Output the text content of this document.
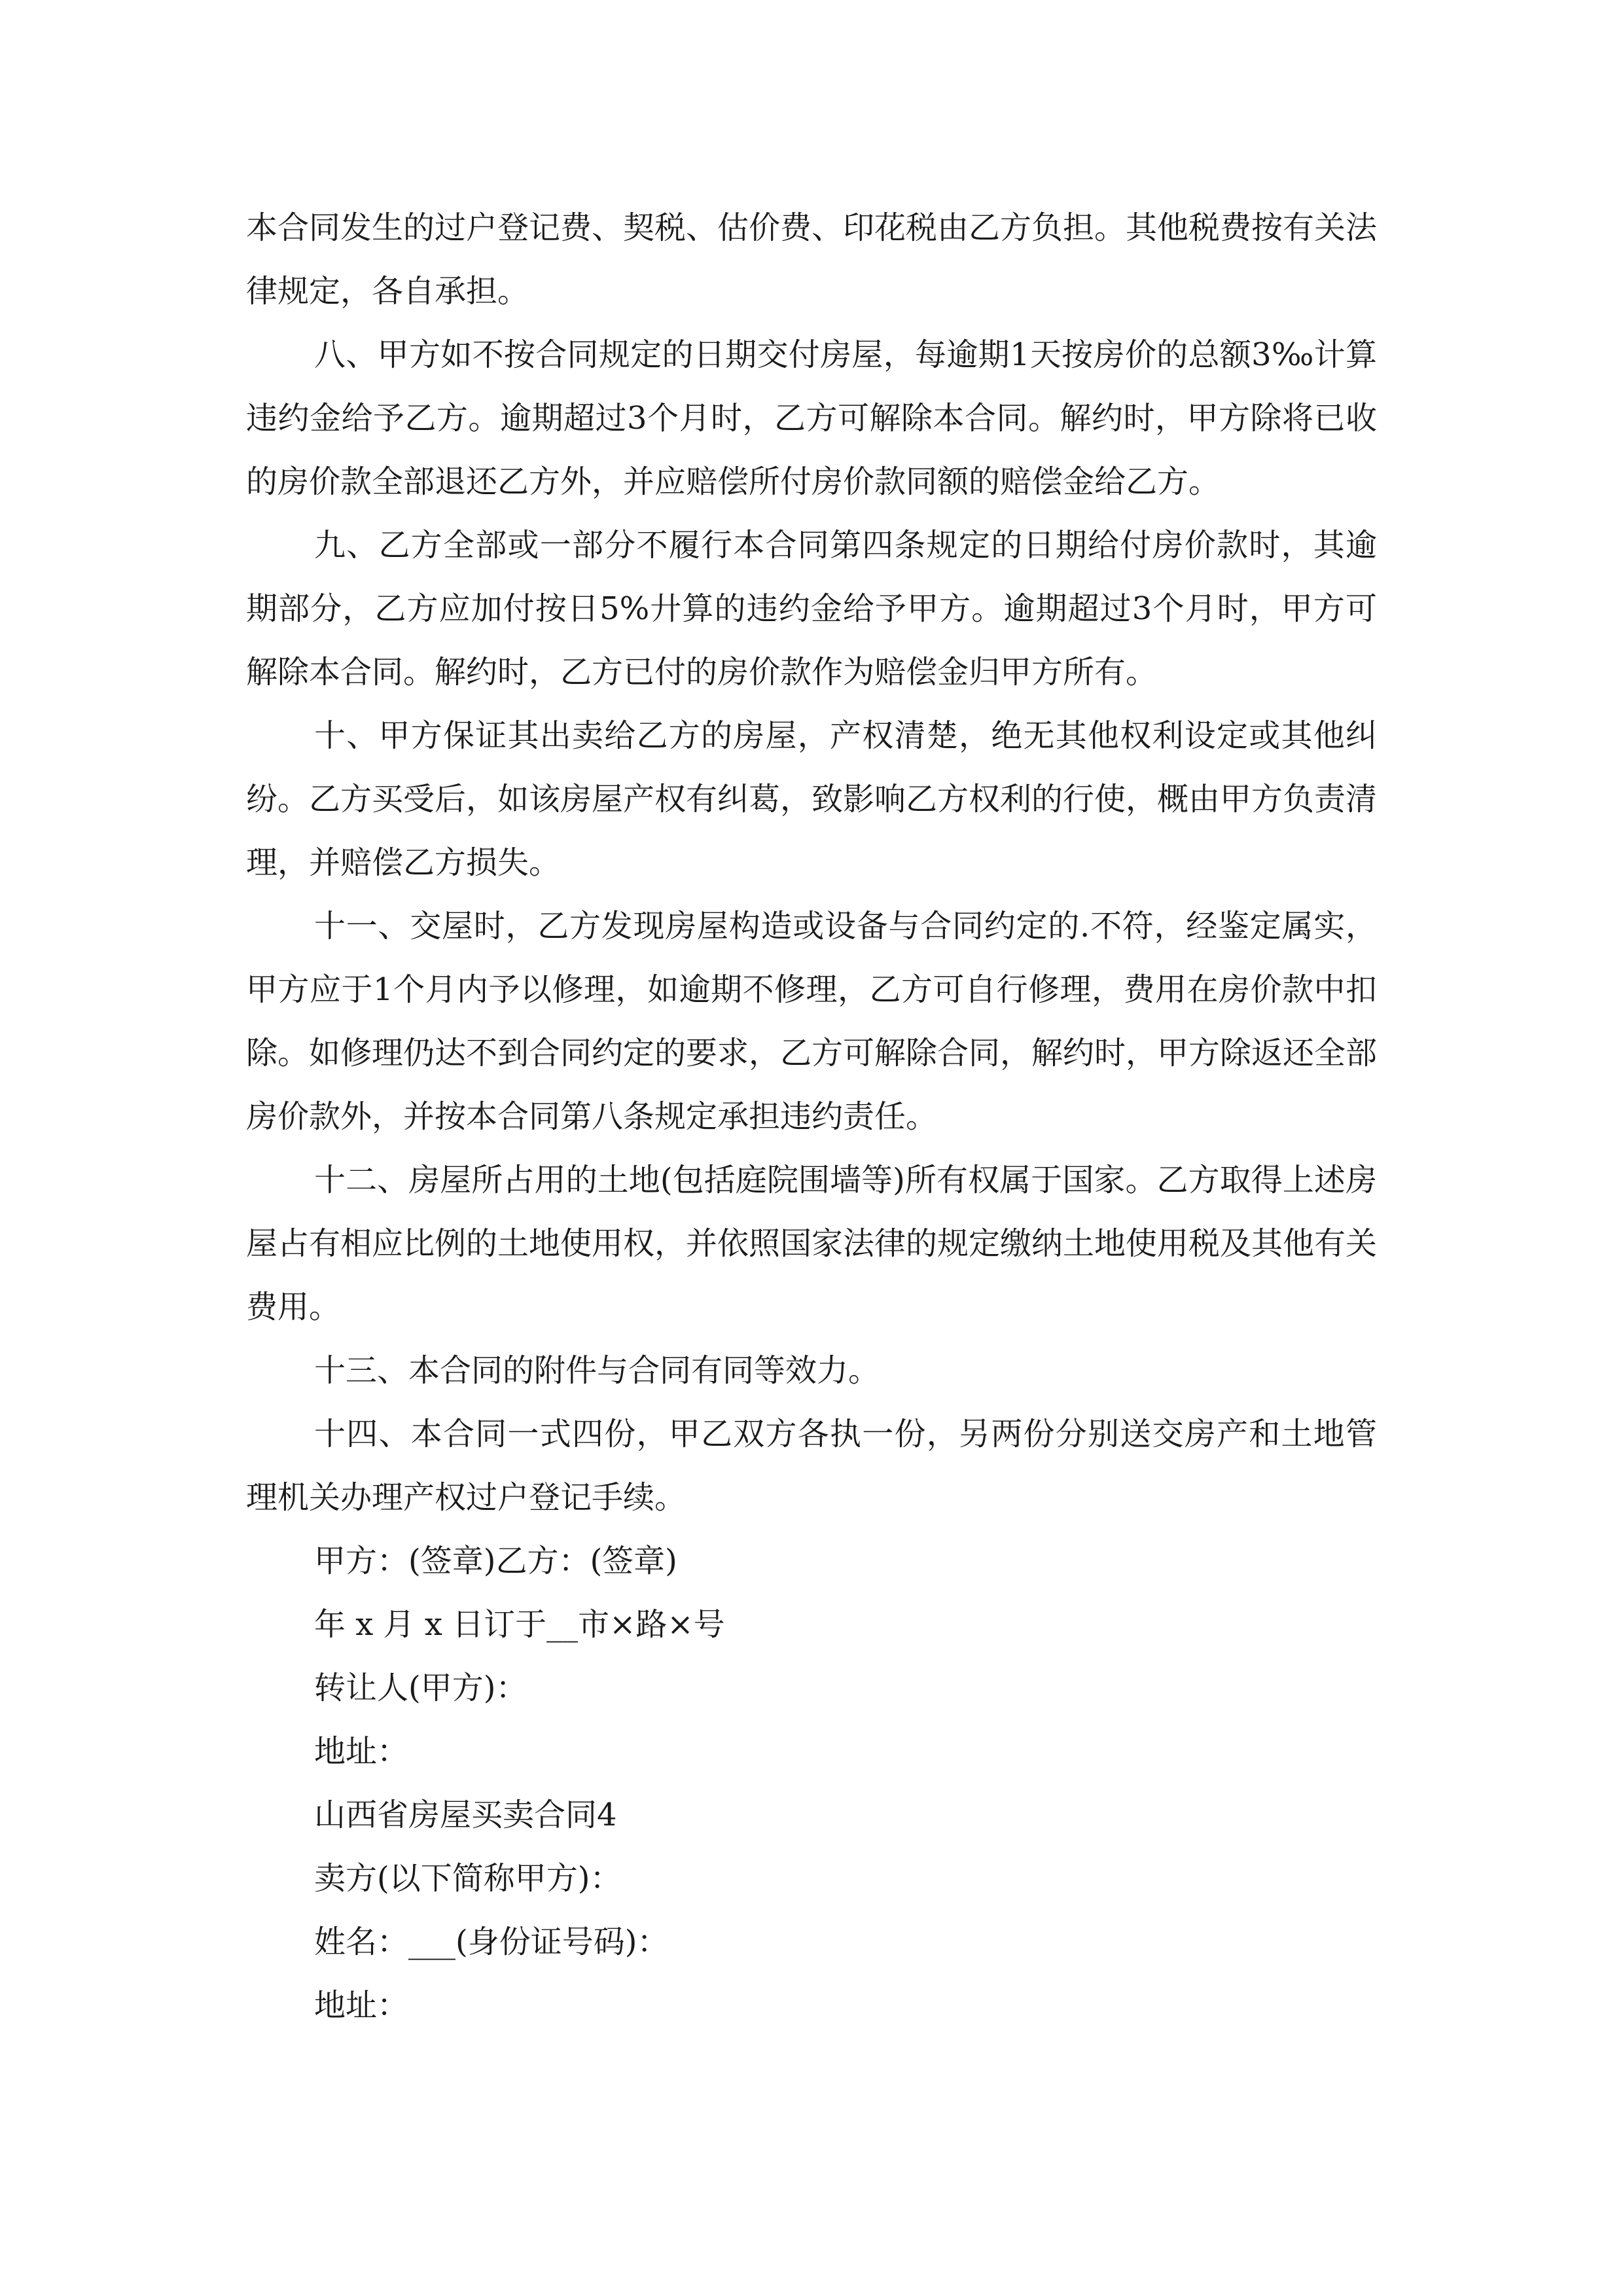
本合同发生的过户登记费、契税、估价费、印花税由乙方负担。其他税费按有关法律规定，各自承担。

八、甲方如不按合同规定的日期交付房屋，每逾期1天按房价的总额3‰计算违约金给予乙方。逾期超过3个月时，乙方可解除本合同。解约时，甲方除将已收的房价款全部退还乙方外，并应赔偿所付房价款同额的赔偿金给乙方。

九、乙方全部或一部分不履行本合同第四条规定的日期给付房价款时，其逾期部分，乙方应加付按日5%廾算的违约金给予甲方。逾期超过3个月时，甲方可解除本合同。解约时，乙方已付的房价款作为赔偿金归甲方所有。

十、甲方保证其出卖给乙方的房屋，产权清楚，绝无其他权利设定或其他纠纷。乙方买受后，如该房屋产权有纠葛，致影响乙方权利的行使，概由甲方负责清理，并赔偿乙方损失。

十一、交屋时，乙方发现房屋构造或设备与合同约定的.不符，经鉴定属实，甲方应于1个月内予以修理，如逾期不修理，乙方可自行修理，费用在房价款中扣除。如修理仍达不到合同约定的要求，乙方可解除合同，解约时，甲方除返还全部房价款外，并按本合同第八条规定承担违约责任。

十二、房屋所占用的土地(包括庭院围墙等)所有权属于国家。乙方取得上述房屋占有相应比例的土地使用权，并依照国家法律的规定缴纳土地使用税及其他有关费用。

十三、本合同的附件与合同有同等效力。

十四、本合同一式四份，甲乙双方各执一份，另两份分别送交房产和土地管理机关办理产权过户登记手续。

甲方：(签章)乙方：(签章)

年 x 月 x 日订于__市×路×号

转让人(甲方)：

地址：

山西省房屋买卖合同4

卖方(以下简称甲方)：

姓名：___(身份证号码)：

地址：
